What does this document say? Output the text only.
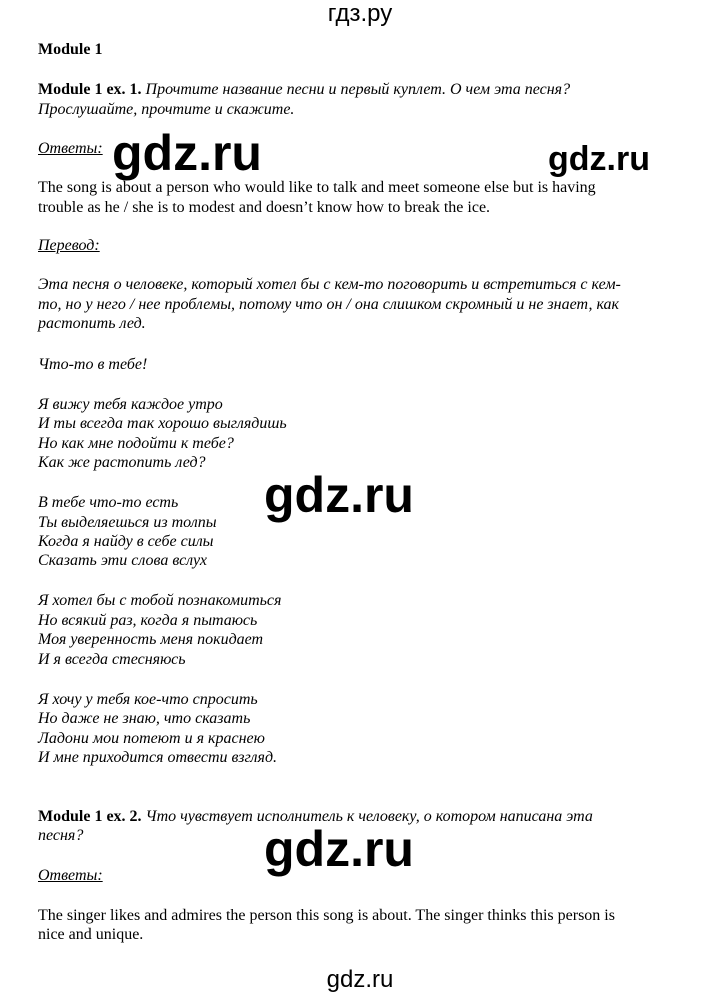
гдз.ру
gdz.ru
gdz.ru	gdz.ru
gdz.ru
gdz.ru
Module 1
Module 1 ex. 1. Прочтите название песни и первый куплет. О чем эта песня?
Прослушайте, прочтите и скажите.
Ответы:
The song is about a person who would like to talk and meet someone else but is having
trouble as he / she is to modest and doesn’t know how to break the ice.
Перевод:
Эта песня о человеке, который хотел бы с кем-то поговорить и встретиться с кем-
то, но у него / нее проблемы, потому что он / она слишком скромный и не знает, как
растопить лед.
Что-то в тебе!
Я вижу тебя каждое утро
И ты всегда так хорошо выглядишь
Но как мне подойти к тебе?
Как же растопить лед?
В тебе что-то есть
Ты выделяешься из толпы
Когда я найду в себе силы
Сказать эти слова вслух
Я хотел бы с тобой познакомиться
Но всякий раз, когда я пытаюсь
Моя уверенность меня покидает
И я всегда стесняюсь
Я хочу у тебя кое-что спросить
Но даже не знаю, что сказать
Ладони мои потеют и я краснею
И мне приходится отвести взгляд.
Module 1 ex. 2. Что чувствует исполнитель к человеку, о котором написана эта
песня?
Ответы:
The singer likes and admires the person this song is about. The singer thinks this person is
nice and unique.
